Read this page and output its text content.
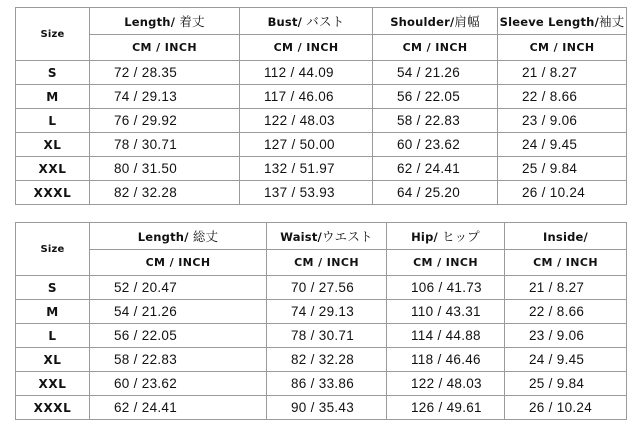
Size	Length/ 着丈	Bust/ バスト	Shoulder/肩幅	Sleeve Length/袖丈
	CM / INCH	CM / INCH	CM / INCH	CM / INCH
S	72 / 28.35	112 / 44.09	54 / 21.26	21 / 8.27
M	74 / 29.13	117 / 46.06	56 / 22.05	22 / 8.66
L	76 / 29.92	122 / 48.03	58 / 22.83	23 / 9.06
XL	78 / 30.71	127 / 50.00	60 / 23.62	24 / 9.45
XXL	80 / 31.50	132 / 51.97	62 / 24.41	25 / 9.84
XXXL	82 / 32.28	137 / 53.93	64 / 25.20	26 / 10.24
Size	Length/ 総丈	Waist/ウエスト	Hip/ ヒップ	Inside/
	CM / INCH	CM / INCH	CM / INCH	CM / INCH
S	52 / 20.47	70 / 27.56	106 / 41.73	21 / 8.27
M	54 / 21.26	74 / 29.13	110 / 43.31	22 / 8.66
L	56 / 22.05	78 / 30.71	114 / 44.88	23 / 9.06
XL	58 / 22.83	82 / 32.28	118 / 46.46	24 / 9.45
XXL	60 / 23.62	86 / 33.86	122 / 48.03	25 / 9.84
XXXL	62 / 24.41	90 / 35.43	126 / 49.61	26 / 10.24
